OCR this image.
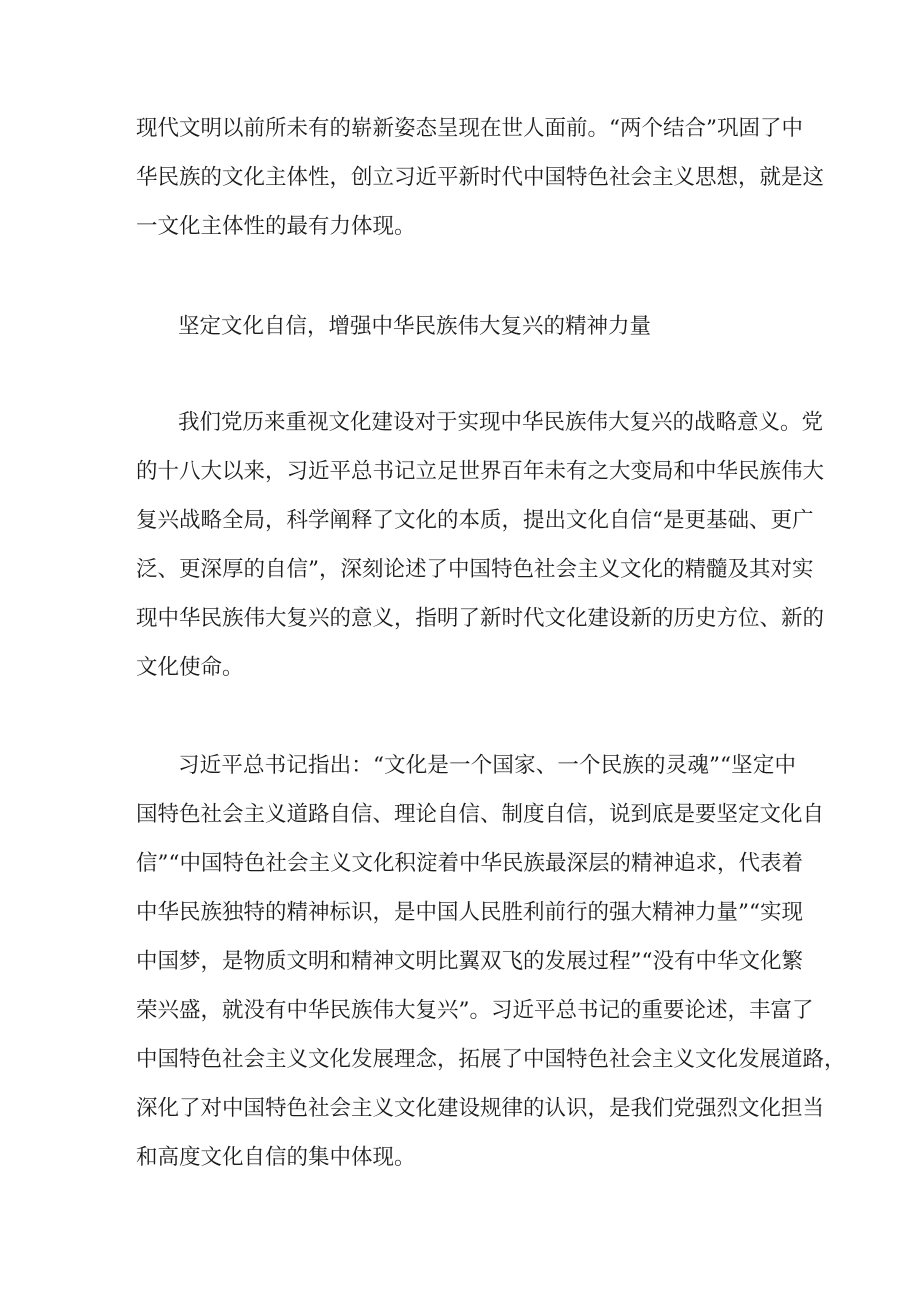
现代文明以前所未有的崭新姿态呈现在世人面前。“两个结合”巩固了中
华民族的文化主体性，创立习近平新时代中国特色社会主义思想，就是这
一文化主体性的最有力体现。
坚定文化自信，增强中华民族伟大复兴的精神力量
我们党历来重视文化建设对于实现中华民族伟大复兴的战略意义。党
的十八大以来，习近平总书记立足世界百年未有之大变局和中华民族伟大
复兴战略全局，科学阐释了文化的本质，提出文化自信“是更基础、更广
泛、更深厚的自信”，深刻论述了中国特色社会主义文化的精髓及其对实
现中华民族伟大复兴的意义，指明了新时代文化建设新的历史方位、新的
文化使命。
习近平总书记指出：“文化是一个国家、一个民族的灵魂”“坚定中
国特色社会主义道路自信、理论自信、制度自信，说到底是要坚定文化自
信”“中国特色社会主义文化积淀着中华民族最深层的精神追求，代表着
中华民族独特的精神标识，是中国人民胜利前行的强大精神力量”“实现
中国梦，是物质文明和精神文明比翼双飞的发展过程”“没有中华文化繁
荣兴盛，就没有中华民族伟大复兴”。习近平总书记的重要论述，丰富了
中国特色社会主义文化发展理念，拓展了中国特色社会主义文化发展道路，
深化了对中国特色社会主义文化建设规律的认识，是我们党强烈文化担当
和高度文化自信的集中体现。
